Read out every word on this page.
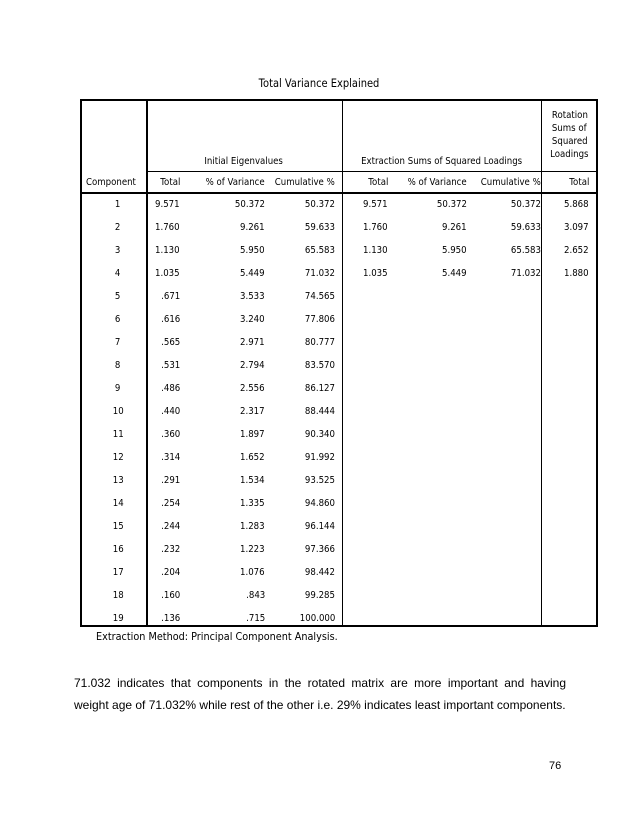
Total Variance Explained
Initial Eigenvalues	Extraction Sums of Squared Loadings
Rotation
Sums of
Squared
Loadings
Component	Total	% of Variance	Cumulative %	Total	% of Variance	Cumulative %	Total
1	9.571	50.372	50.372	9.571	50.372	50.372	5.868
2	1.760	9.261	59.633	1.760	9.261	59.633	3.097
3	1.130	5.950	65.583	1.130	5.950	65.583	2.652
4	1.035	5.449	71.032	1.035	5.449	71.032	1.880
5	.671	3.533	74.565
6	.616	3.240	77.806
7	.565	2.971	80.777
8	.531	2.794	83.570
9	.486	2.556	86.127
10	.440	2.317	88.444
11	.360	1.897	90.340
12	.314	1.652	91.992
13	.291	1.534	93.525
14	.254	1.335	94.860
15	.244	1.283	96.144
16	.232	1.223	97.366
17	.204	1.076	98.442
18	.160	.843	99.285
19	.136	.715	100.000
Extraction Method: Principal Component Analysis.
71.032 indicates that components in the rotated matrix are more important and having weight age of 71.032% while rest of the other i.e. 29% indicates least important components.
76
